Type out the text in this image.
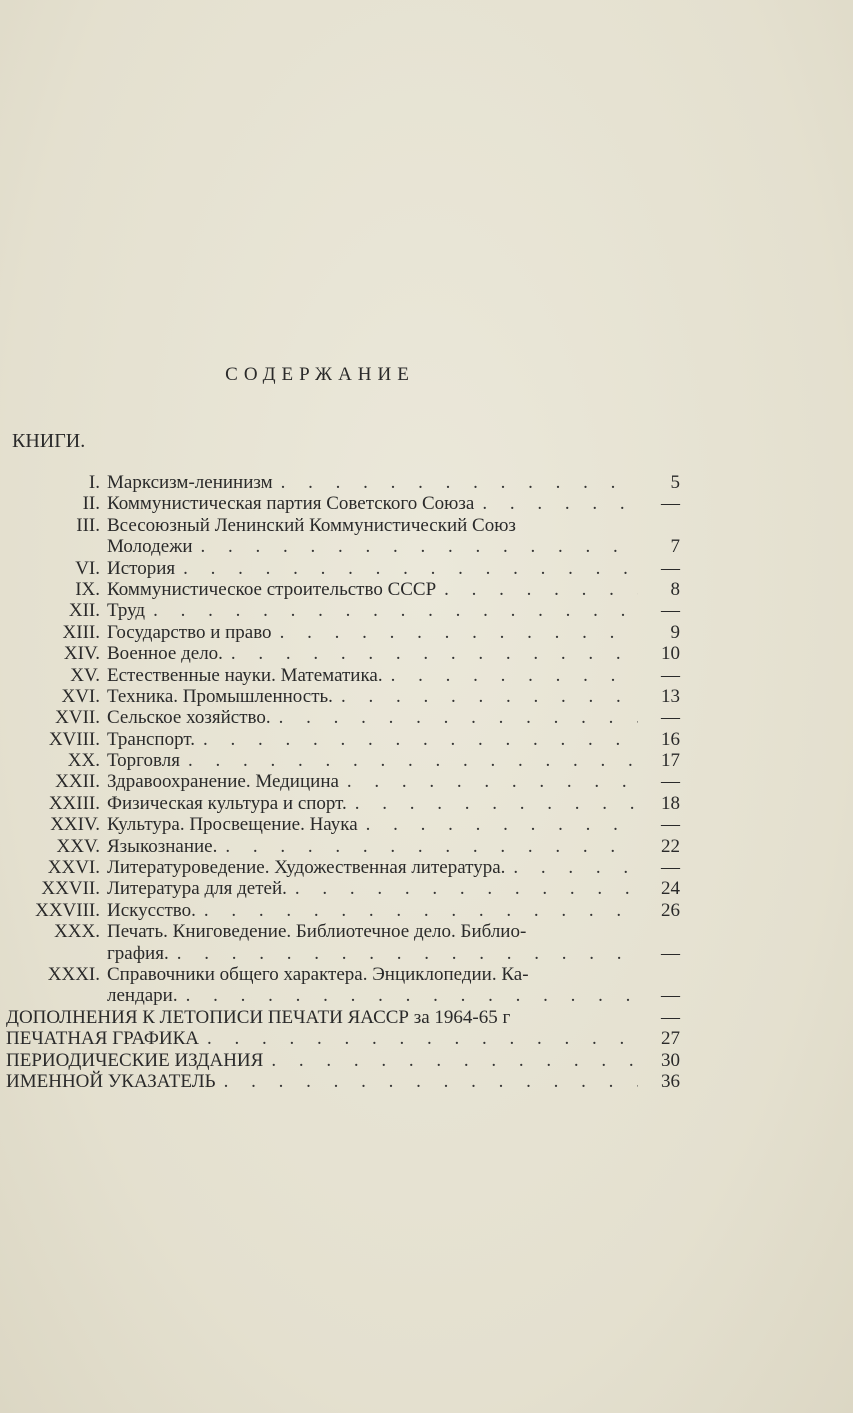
СОДЕРЖАНИЕ
КНИГИ.
I. Марксизм-ленинизм . . .	5
II. Коммунистическая партия Советского Союза . . .	—
III. Всесоюзный Ленинский Коммунистический Союз
Молодежи . . .	7
VI. История . . .	—
IX. Коммунистическое строительство СССР . . .	8
XII. Труд . . .	—
XIII. Государство и право . . .	9
XIV. Военное дело. . . .	10
XV. Естественные науки. Математика. . . .	—
XVI. Техника. Промышленность. . . .	13
XVII. Сельское хозяйство. . . .	—
XVIII. Транспорт. . . .	16
XX. Торговля . . .	17
XXII. Здравоохранение. Медицина . . .	—
XXIII. Физическая культура и спорт. . . .	18
XXIV. Культура. Просвещение. Наука . . .	—
XXV. Языкознание. . . .	22
XXVI. Литературоведение. Художественная литература. . . .	—
XXVII. Литература для детей. . . .	24
XXVIII. Искусство. . . .	26
XXX. Печать. Книговедение. Библиотечное дело. Библио-
графия. . . .	—
XXXI. Справочники общего характера. Энциклопедии. Ка-
лендари. . . .	—
ДОПОЛНЕНИЯ К ЛЕТОПИСИ ПЕЧАТИ ЯАССР за 1964-65 г	—
ПЕЧАТНАЯ ГРАФИКА . . .	27
ПЕРИОДИЧЕСКИЕ ИЗДАНИЯ . . .	30
ИМЕННОЙ УКАЗАТЕЛЬ . . .	36
